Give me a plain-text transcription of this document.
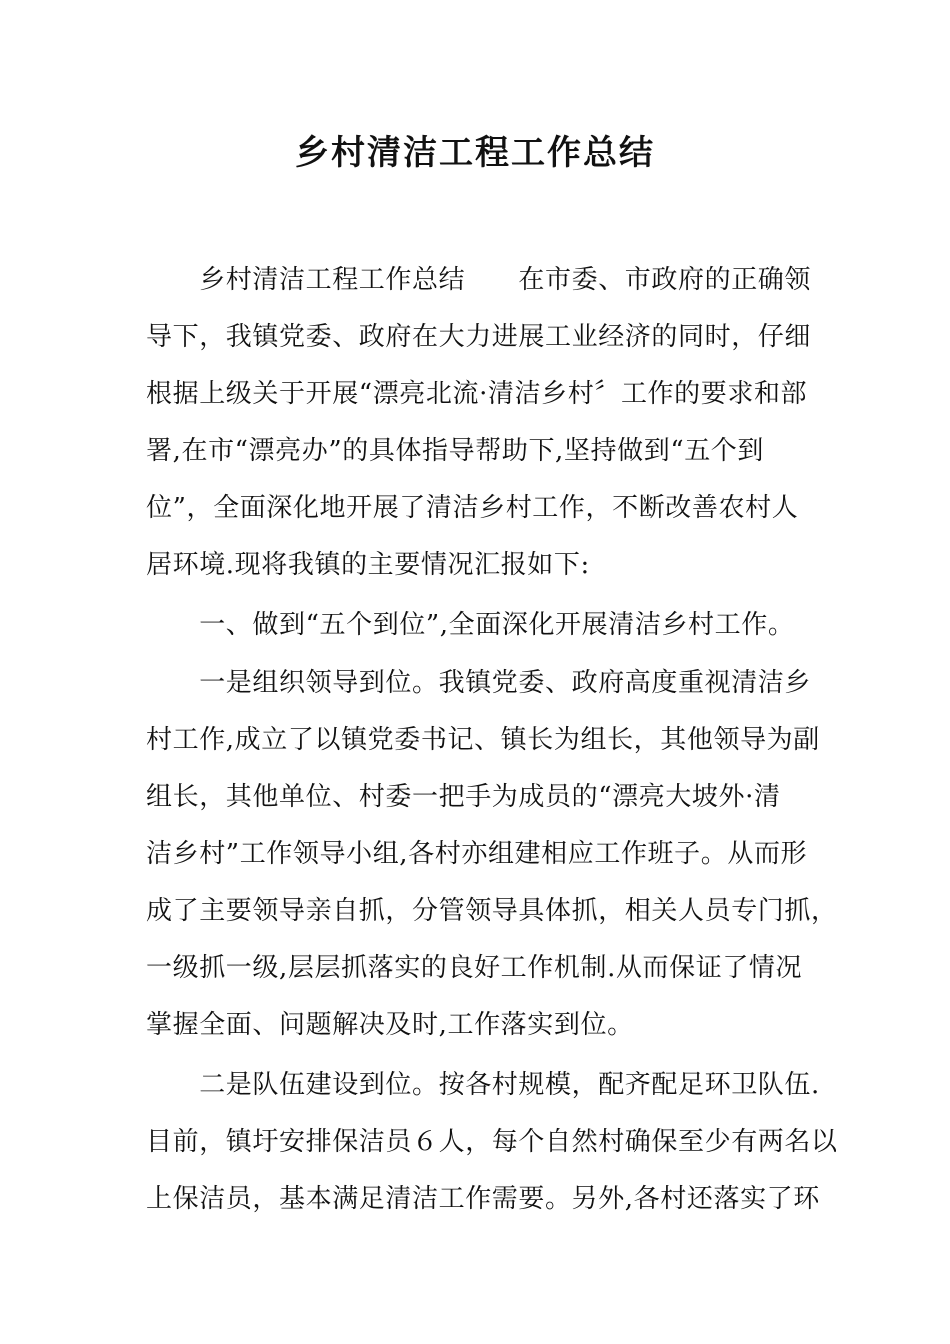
乡村清洁工程工作总结

　　乡村清洁工程工作总结　　在市委、市政府的正确领

导下，我镇党委、政府在大力进展工业经济的同时，仔细

根据上级关于开展“漂亮北流·清洁乡村〞工作的要求和部

署,在市“漂亮办”的具体指导帮助下,坚持做到“五个到

位”，全面深化地开展了清洁乡村工作，不断改善农村人

居环境.现将我镇的主要情况汇报如下:

　　一、做到“五个到位”,全面深化开展清洁乡村工作。

　　一是组织领导到位。我镇党委、政府高度重视清洁乡

村工作,成立了以镇党委书记、镇长为组长，其他领导为副

组长，其他单位、村委一把手为成员的“漂亮大坡外·清

洁乡村”工作领导小组,各村亦组建相应工作班子。从而形

成了主要领导亲自抓，分管领导具体抓，相关人员专门抓，

一级抓一级,层层抓落实的良好工作机制.从而保证了情况

掌握全面、问题解决及时,工作落实到位。

　　二是队伍建设到位。按各村规模，配齐配足环卫队伍.

目前，镇圩安排保洁员６人，每个自然村确保至少有两名以

上保洁员，基本满足清洁工作需要。另外,各村还落实了环
